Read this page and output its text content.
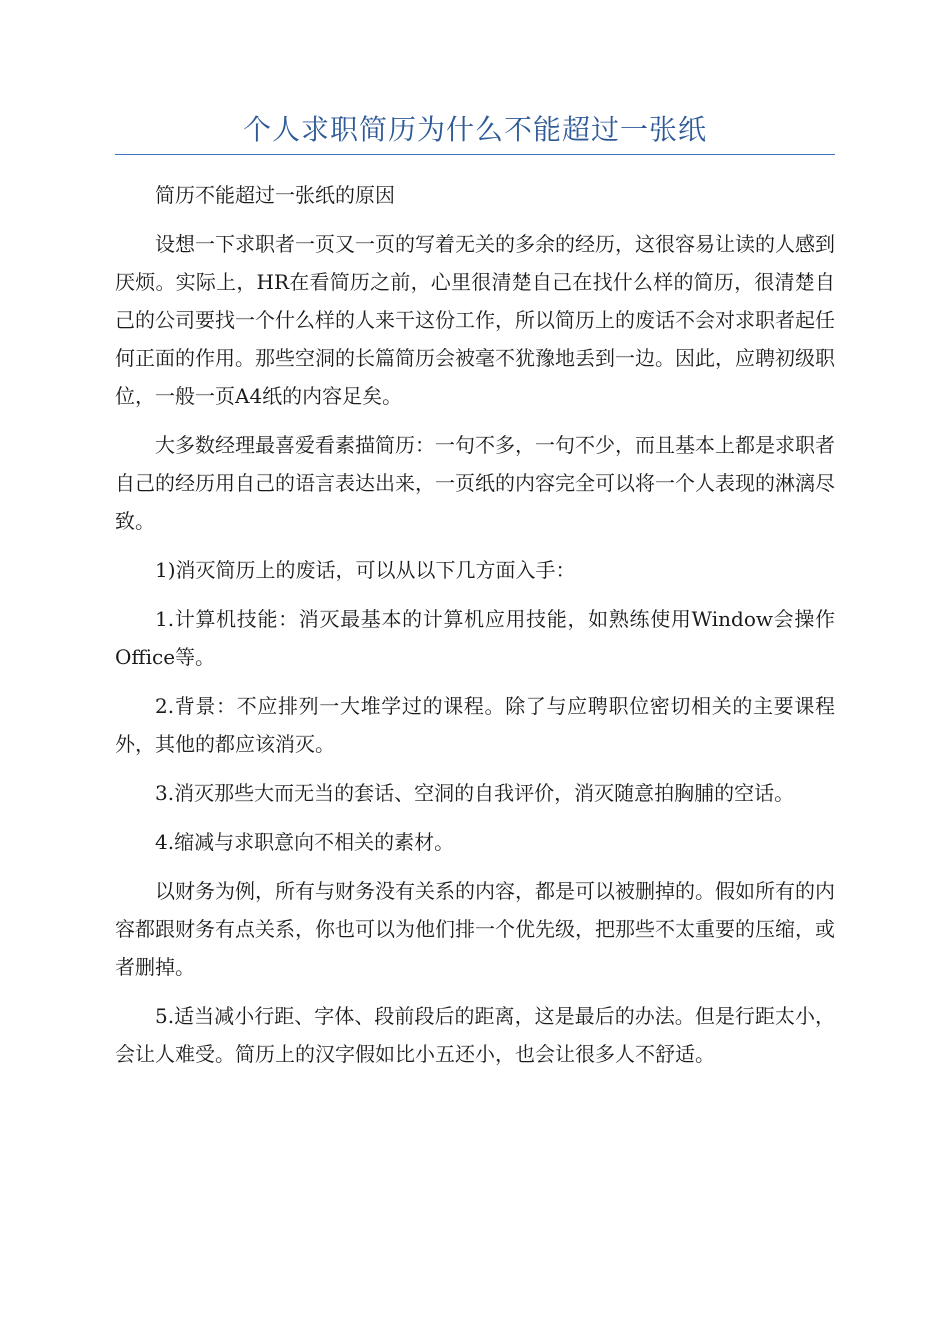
个人求职简历为什么不能超过一张纸

简历不能超过一张纸的原因

设想一下求职者一页又一页的写着无关的多余的经历，这很容易让读的人感到厌烦。实际上，HR在看简历之前，心里很清楚自己在找什么样的简历，很清楚自己的公司要找一个什么样的人来干这份工作，所以简历上的废话不会对求职者起任何正面的作用。那些空洞的长篇简历会被毫不犹豫地丢到一边。因此，应聘初级职位，一般一页A4纸的内容足矣。

大多数经理最喜爱看素描简历：一句不多，一句不少，而且基本上都是求职者自己的经历用自己的语言表达出来，一页纸的内容完全可以将一个人表现的淋漓尽致。

1)消灭简历上的废话，可以从以下几方面入手：

1.计算机技能：消灭最基本的计算机应用技能，如熟练使用Window会操作Office等。

2.背景：不应排列一大堆学过的课程。除了与应聘职位密切相关的主要课程外，其他的都应该消灭。

3.消灭那些大而无当的套话、空洞的自我评价，消灭随意拍胸脯的空话。

4.缩减与求职意向不相关的素材。

以财务为例，所有与财务没有关系的内容，都是可以被删掉的。假如所有的内容都跟财务有点关系，你也可以为他们排一个优先级，把那些不太重要的压缩，或者删掉。

5.适当减小行距、字体、段前段后的距离，这是最后的办法。但是行距太小，会让人难受。简历上的汉字假如比小五还小，也会让很多人不舒适。
